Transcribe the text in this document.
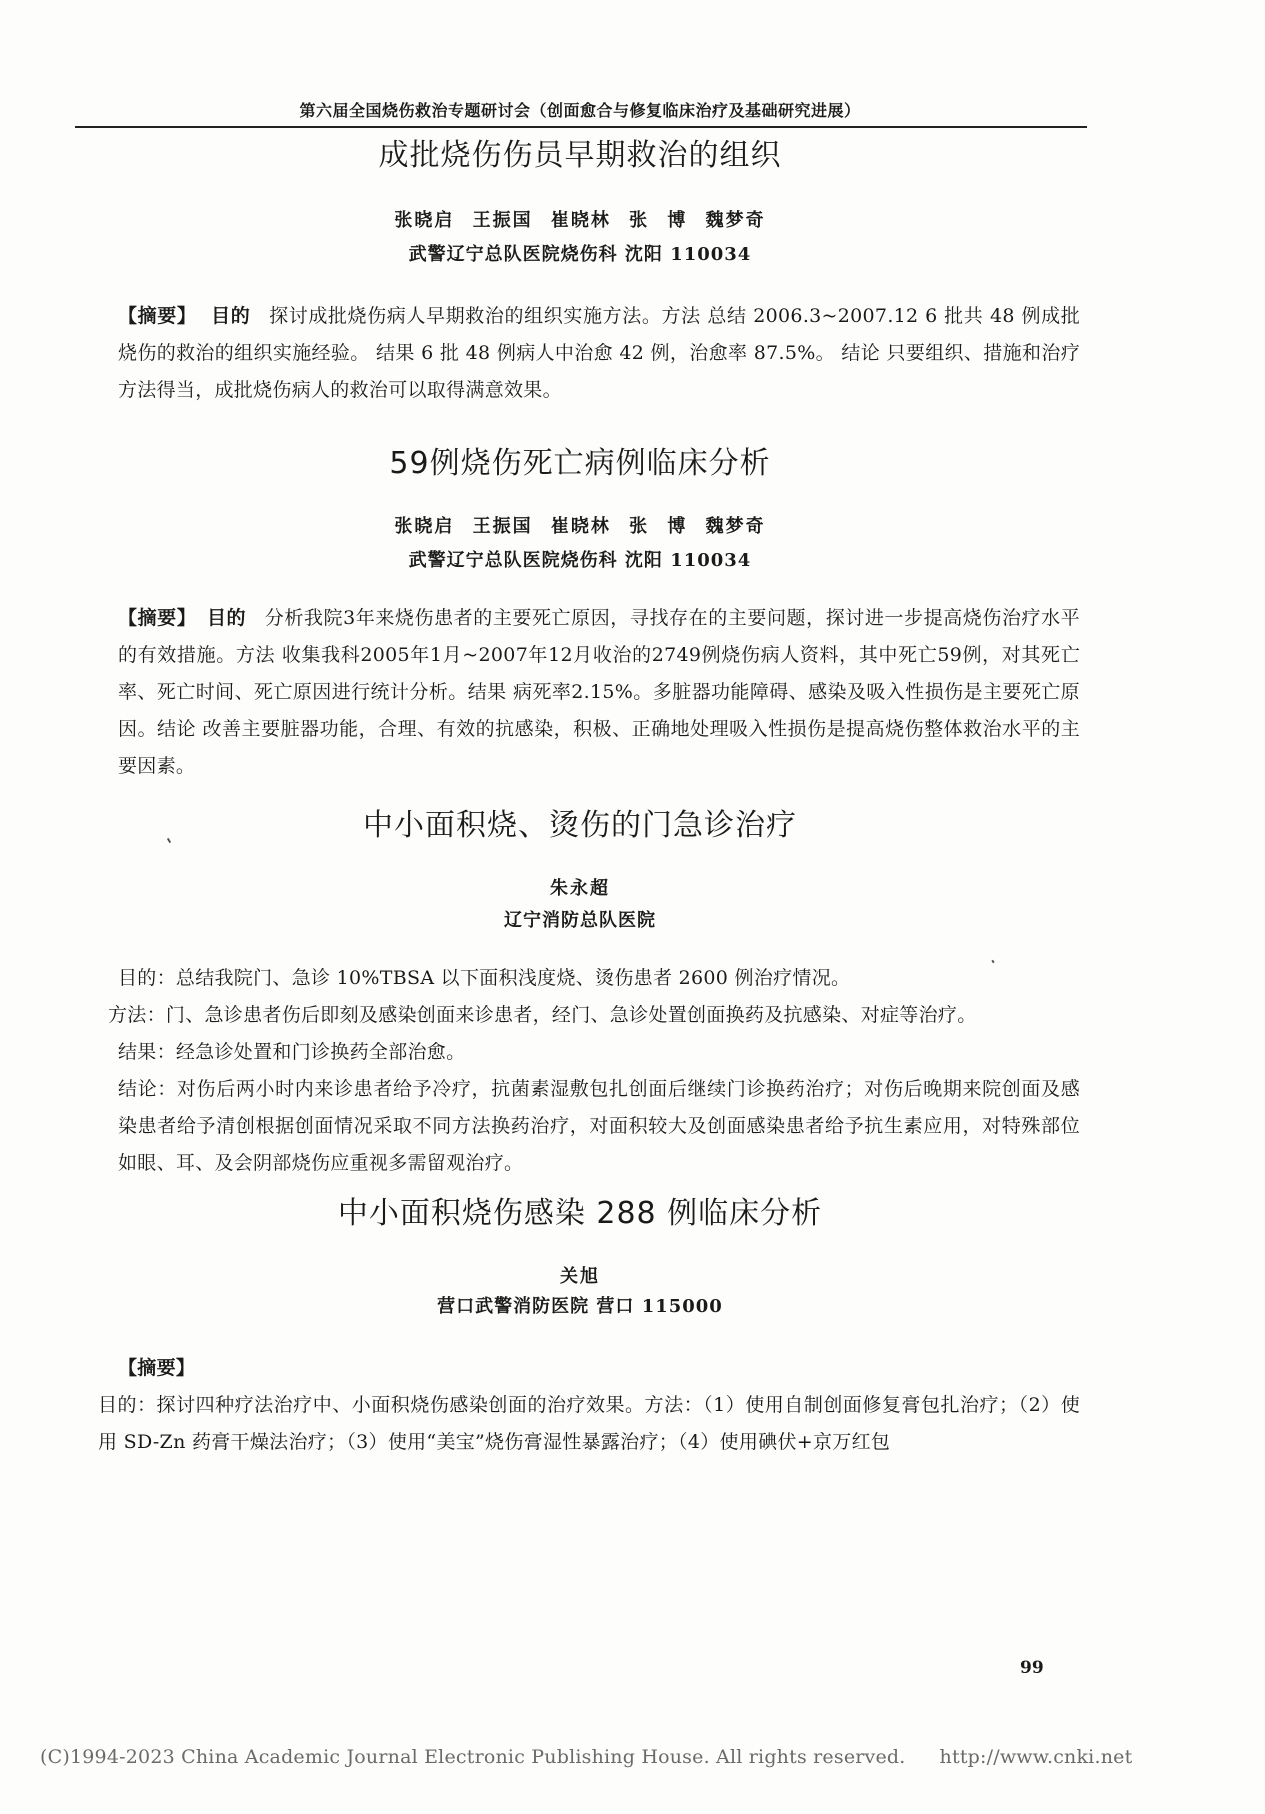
第六届全国烧伤救治专题研讨会（创面愈合与修复临床治疗及基础研究进展）
成批烧伤伤员早期救治的组织
张晓启 王振国 崔晓林 张 博 魏梦奇
武警辽宁总队医院烧伤科 沈阳 110034
【摘要】 目的 探讨成批烧伤病人早期救治的组织实施方法。方法 总结 2006.3~2007.12 6 批共 48 例成批烧伤的救治的组织实施经验。 结果 6 批 48 例病人中治愈 42 例，治愈率 87.5%。 结论 只要组织、措施和治疗方法得当，成批烧伤病人的救治可以取得满意效果。
59例烧伤死亡病例临床分析
张晓启 王振国 崔晓林 张 博 魏梦奇
武警辽宁总队医院烧伤科 沈阳 110034
【摘要】 目的 分析我院3年来烧伤患者的主要死亡原因，寻找存在的主要问题，探讨进一步提高烧伤治疗水平的有效措施。方法 收集我科2005年1月~2007年12月收治的2749例烧伤病人资料，其中死亡59例，对其死亡率、死亡时间、死亡原因进行统计分析。结果 病死率2.15%。多脏器功能障碍、感染及吸入性损伤是主要死亡原因。结论 改善主要脏器功能，合理、有效的抗感染，积极、正确地处理吸入性损伤是提高烧伤整体救治水平的主要因素。
中小面积烧、烫伤的门急诊治疗
朱永超
辽宁消防总队医院
目的：总结我院门、急诊 10%TBSA 以下面积浅度烧、烫伤患者 2600 例治疗情况。
方法：门、急诊患者伤后即刻及感染创面来诊患者，经门、急诊处置创面换药及抗感染、对症等治疗。
结果：经急诊处置和门诊换药全部治愈。
结论：对伤后两小时内来诊患者给予冷疗，抗菌素湿敷包扎创面后继续门诊换药治疗；对伤后晚期来院创面及感染患者给予清创根据创面情况采取不同方法换药治疗，对面积较大及创面感染患者给予抗生素应用，对特殊部位如眼、耳、及会阴部烧伤应重视多需留观治疗。
中小面积烧伤感染 288 例临床分析
关旭
营口武警消防医院 营口 115000
【摘要】
目的：探讨四种疗法治疗中、小面积烧伤感染创面的治疗效果。方法：（1）使用自制创面修复膏包扎治疗；（2）使用 SD-Zn 药膏干燥法治疗；（3）使用“美宝”烧伤膏湿性暴露治疗；（4）使用碘伏+京万红包
99
(C)1994-2023 China Academic Journal Electronic Publishing House. All rights reserved. http://www.cnki.net
